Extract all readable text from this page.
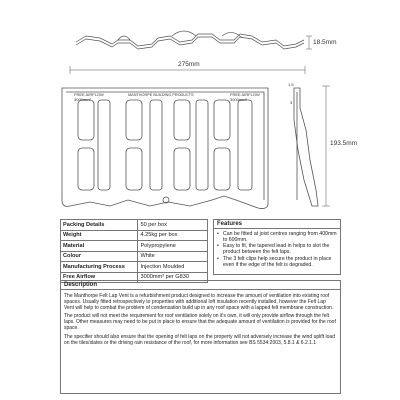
18.5mm
275mm
193.5mm
FREE AIRFLOW
3000mm²
MANTHORPE BUILDING PRODUCTS	FREE AIRFLOW
3000mm²
1.5
3
Packing Details	50 per box
Weight	4.25kg per box
Material	Polypropylene
Colour	White
Manufacturing Process	Injection Moulded
Free Airflow	3000mm² per G830
Features
• Can be fitted at joist centres ranging from 400mm to 600mm.
• Easy to fit, the tapered lead in helps to slot the product between the felt laps.
• The 3 felt clips help secure the product in place even if the edge of the felt is degraded.
Description

The Manthorpe Felt Lap Vent is a refurbishment product designed to increase the amount of ventilation into existing roof spaces. Usually fitted retrospectively to properties with additional loft insulation recently installed, however the Felt Lap Vent will help to combat the problem of condensation build up in any roof space with a lapped felt membrane construction.

The product will not meet the requirement for roof ventilation solely on it's own, it will only provide airflow through the felt laps. Other measures may need to be put in place to ensure that the adequate amount of ventilation is provided for the roof space.

The specifier should also ensure that the opening of felt laps on the property will not adversely increase the wind uplift load on the tiles/slates or the driving rain resistance of the roof, for more information see BS 5534:2003, 5.8.1 & 6.2.1.1
